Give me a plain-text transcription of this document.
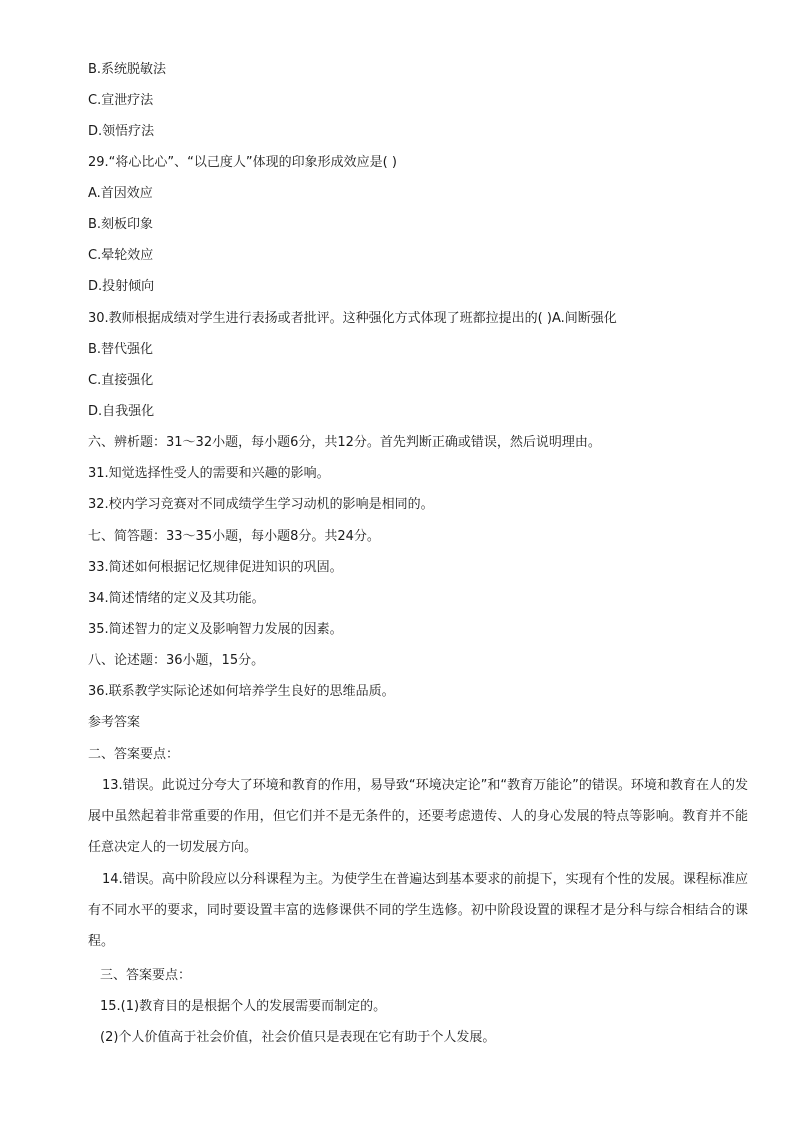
B.系统脱敏法
C.宣泄疗法
D.领悟疗法
29.“将心比心”、“以己度人”体现的印象形成效应是( )
A.首因效应
B.刻板印象
C.晕轮效应
D.投射倾向
30.教师根据成绩对学生进行表扬或者批评。这种强化方式体现了班都拉提出的( )A.间断强化
B.替代强化
C.直接强化
D.自我强化
六、辨析题：31～32小题，每小题6分，共12分。首先判断正确或错误，然后说明理由。
31.知觉选择性受人的需要和兴趣的影响。
32.校内学习竞赛对不同成绩学生学习动机的影响是相同的。
七、简答题：33～35小题，每小题8分。共24分。
33.简述如何根据记忆规律促进知识的巩固。
34.简述情绪的定义及其功能。
35.简述智力的定义及影响智力发展的因素。
八、论述题：36小题，15分。
36.联系教学实际论述如何培养学生良好的思维品质。
参考答案
二、答案要点：
13.错误。此说过分夸大了环境和教育的作用，易导致“环境决定论”和“教育万能论”的错误。环境和教育在人的发展中虽然起着非常重要的作用，但它们并不是无条件的，还要考虑遗传、人的身心发展的特点等影响。教育并不能任意决定人的一切发展方向。
14.错误。高中阶段应以分科课程为主。为使学生在普遍达到基本要求的前提下，实现有个性的发展。课程标准应有不同水平的要求，同时要设置丰富的选修课供不同的学生选修。初中阶段设置的课程才是分科与综合相结合的课程。
三、答案要点：
15.(1)教育目的是根据个人的发展需要而制定的。
(2)个人价值高于社会价值，社会价值只是表现在它有助于个人发展。
